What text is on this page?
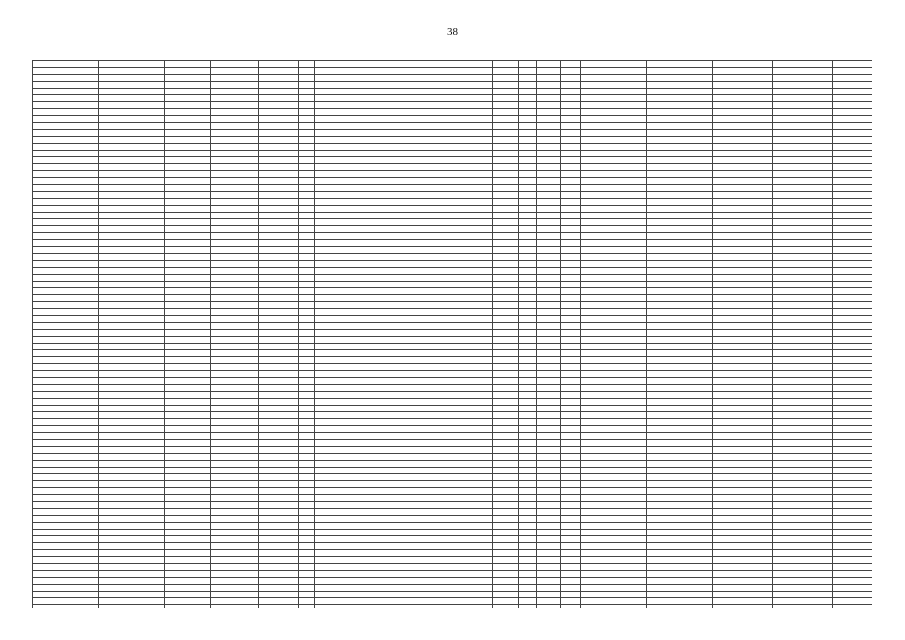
38
